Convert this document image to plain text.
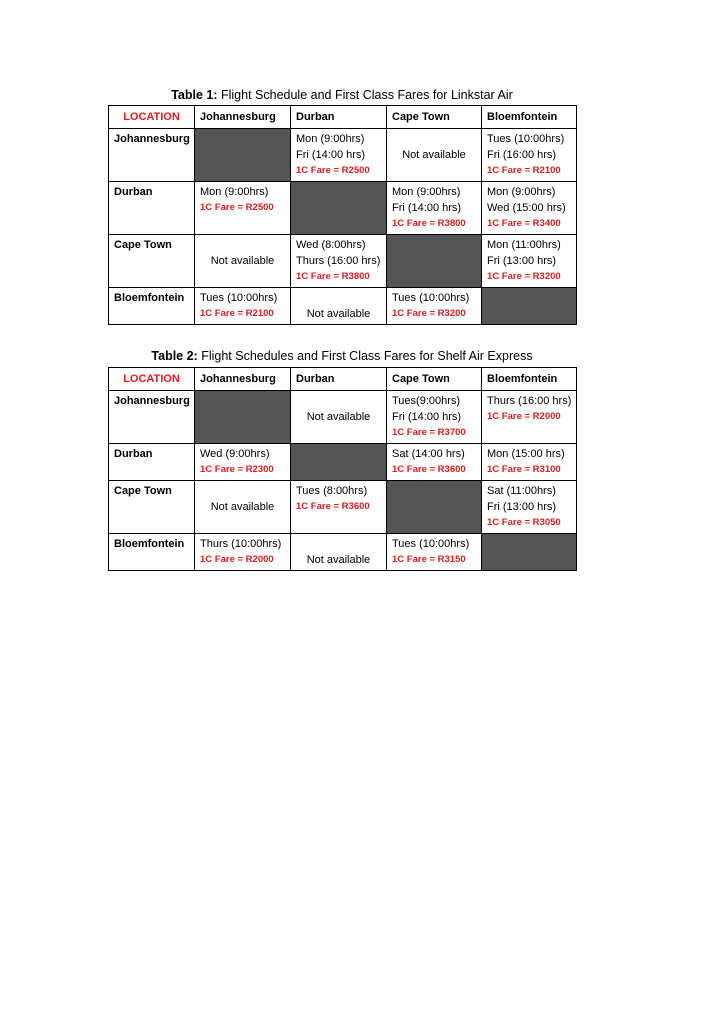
Table 1: Flight Schedule and First Class Fares for Linkstar Air
LOCATION	Johannesburg	Durban	Cape Town	Bloemfontein
Johannesburg		Mon (9:00hrs)
Fri (14:00 hrs)
1C Fare = R2500	Not available	Tues (10:00hrs)
Fri (16:00 hrs)
1C Fare = R2100

Durban	Mon (9:00hrs)
1C Fare = R2500		Mon (9:00hrs)
Fri (14:00 hrs)
1C Fare = R3800	Mon (9:00hrs)
Wed (15:00 hrs)
1C Fare = R3400

Cape Town	Not available	Wed (8:00hrs)
Thurs (16:00 hrs)
1C Fare = R3800		Mon (11:00hrs)
Fri (13:00 hrs)
1C Fare = R3200

Bloemfontein	Tues (10:00hrs)
1C Fare = R2100	Not available	Tues (10:00hrs)
1C Fare = R3200	

Table 2: Flight Schedules and First Class Fares for Shelf Air Express
LOCATION	Johannesburg	Durban	Cape Town	Bloemfontein
Johannesburg		Not available	Tues(9:00hrs)
Fri (14:00 hrs)
1C Fare = R3700	Thurs (16:00 hrs)
1C Fare = R2000

Durban	Wed (9:00hrs)
1C Fare = R2300		Sat (14:00 hrs)
1C Fare = R3600	Mon (15:00 hrs)
1C Fare = R3100

Cape Town	Not available	Tues (8:00hrs)
1C Fare = R3600		Sat (11:00hrs)
Fri (13:00 hrs)
1C Fare = R3050

Bloemfontein	Thurs (10:00hrs)
1C Fare = R2000	Not available	Tues (10:00hrs)
1C Fare = R3150	
